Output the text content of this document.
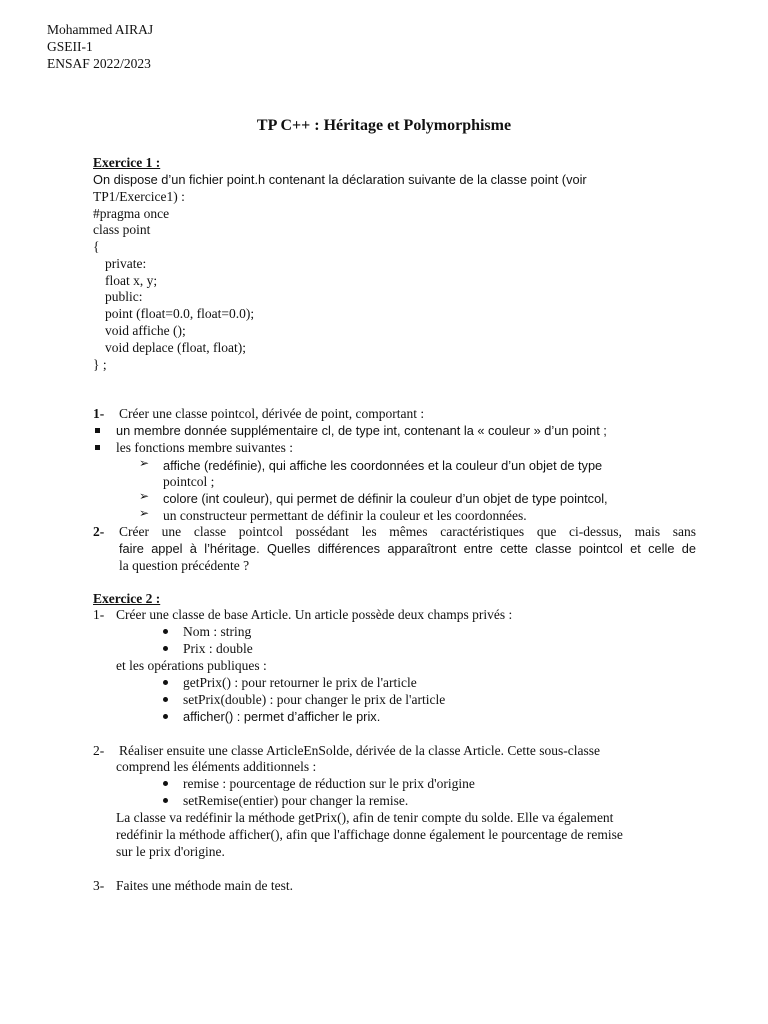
Mohammed AIRAJ
GSEII-1
ENSAF 2022/2023
TP C++ : Héritage et Polymorphisme
Exercice 1 :
On dispose d’un fichier point.h contenant la déclaration suivante de la classe point (voir
TP1/Exercice1) :
#pragma once
class point
{
private:
float x, y;
public:
point (float=0.0, float=0.0);
void affiche ();
void deplace (float, float);
} ;
1- Créer une classe pointcol, dérivée de point, comportant :
un membre donnée supplémentaire cl, de type int, contenant la « couleur » d’un point ;
les fonctions membre suivantes :
➢ affiche (redéfinie), qui affiche les coordonnées et la couleur d’un objet de type
pointcol ;
➢ colore (int couleur), qui permet de définir la couleur d’un objet de type pointcol,
➢ un constructeur permettant de définir la couleur et les coordonnées.
2- Créer une classe pointcol possédant les mêmes caractéristiques que ci-dessus, mais sans
faire appel à l’héritage. Quelles différences apparaîtront entre cette classe pointcol et celle de
la question précédente ?
Exercice 2 :
1- Créer une classe de base Article. Un article possède deux champs privés :
Nom : string
Prix : double
et les opérations publiques :
getPrix() : pour retourner le prix de l'article
setPrix(double) : pour changer le prix de l'article
afficher() : permet d’afficher le prix.
2- Réaliser ensuite une classe ArticleEnSolde, dérivée de la classe Article. Cette sous-classe
comprend les éléments additionnels :
remise : pourcentage de réduction sur le prix d'origine
setRemise(entier) pour changer la remise.
La classe va redéfinir la méthode getPrix(), afin de tenir compte du solde. Elle va également
redéfinir la méthode afficher(), afin que l'affichage donne également le pourcentage de remise
sur le prix d'origine.
3- Faites une méthode main de test.
